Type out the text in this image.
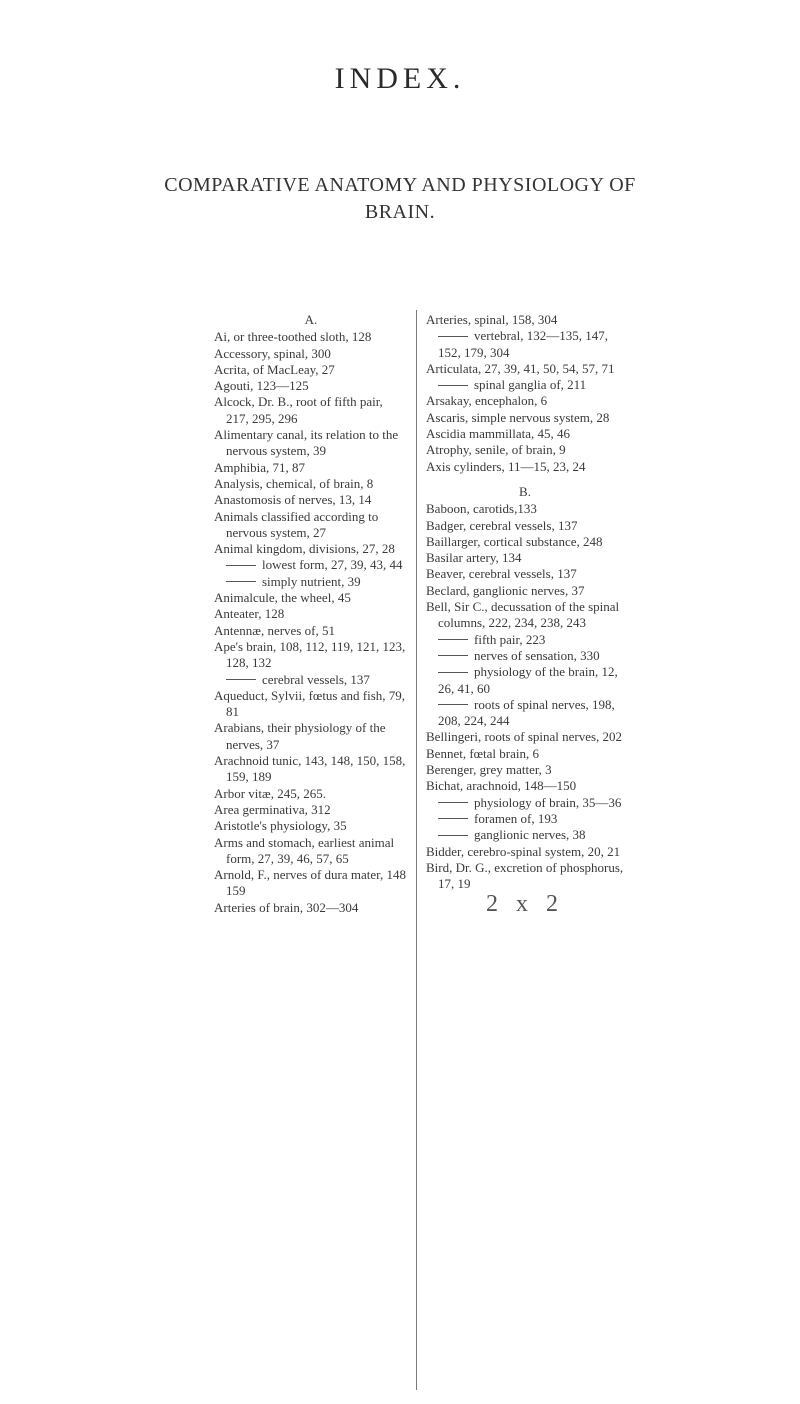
INDEX.
COMPARATIVE ANATOMY AND PHYSIOLOGY OF
BRAIN.
A.

Ai, or three-toothed sloth, 128

Accessory, spinal, 300

Acrita, of MacLeay, 27

Agouti, 123—125

Alcock, Dr. B., root of fifth pair, 217, 295, 296

Alimentary canal, its relation to the nervous system, 39

Amphibia, 71, 87

Analysis, chemical, of brain, 8

Anastomosis of nerves, 13, 14

Animals classified according to nervous system, 27

Animal kingdom, divisions, 27, 28

lowest form, 27, 39, 43, 44

simply nutrient, 39

Animalcule, the wheel, 45

Anteater, 128

Antennæ, nerves of, 51

Ape's brain, 108, 112, 119, 121, 123, 128, 132

cerebral vessels, 137

Aqueduct, Sylvii, fœtus and fish, 79, 81

Arabians, their physiology of the nerves, 37

Arachnoid tunic, 143, 148, 150, 158, 159, 189

Arbor vitæ, 245, 265.

Area germinativa, 312

Aristotle's physiology, 35

Arms and stomach, earliest animal form, 27, 39, 46, 57, 65

Arnold, F., nerves of dura mater, 148 159

Arteries of brain, 302—304

Arteries, spinal, 158, 304

vertebral, 132—135, 147, 152, 179, 304

Articulata, 27, 39, 41, 50, 54, 57, 71

spinal ganglia of, 211

Arsakay, encephalon, 6

Ascaris, simple nervous system, 28

Ascidia mammillata, 45, 46

Atrophy, senile, of brain, 9

Axis cylinders, 11—15, 23, 24

B.

Baboon, carotids,133

Badger, cerebral vessels, 137

Baillarger, cortical substance, 248

Basilar artery, 134

Beaver, cerebral vessels, 137

Beclard, ganglionic nerves, 37

Bell, Sir C., decussation of the spinal columns, 222, 234, 238, 243

fifth pair, 223

nerves of sensation, 330

physiology of the brain, 12, 26, 41, 60

roots of spinal nerves, 198, 208, 224, 244

Bellingeri, roots of spinal nerves, 202

Bennet, fœtal brain, 6

Berenger, grey matter, 3

Bichat, arachnoid, 148—150

physiology of brain, 35—36

foramen of, 193

ganglionic nerves, 38

Bidder, cerebro-spinal system, 20, 21

Bird, Dr. G., excretion of phosphorus, 17, 19

2 x 2
